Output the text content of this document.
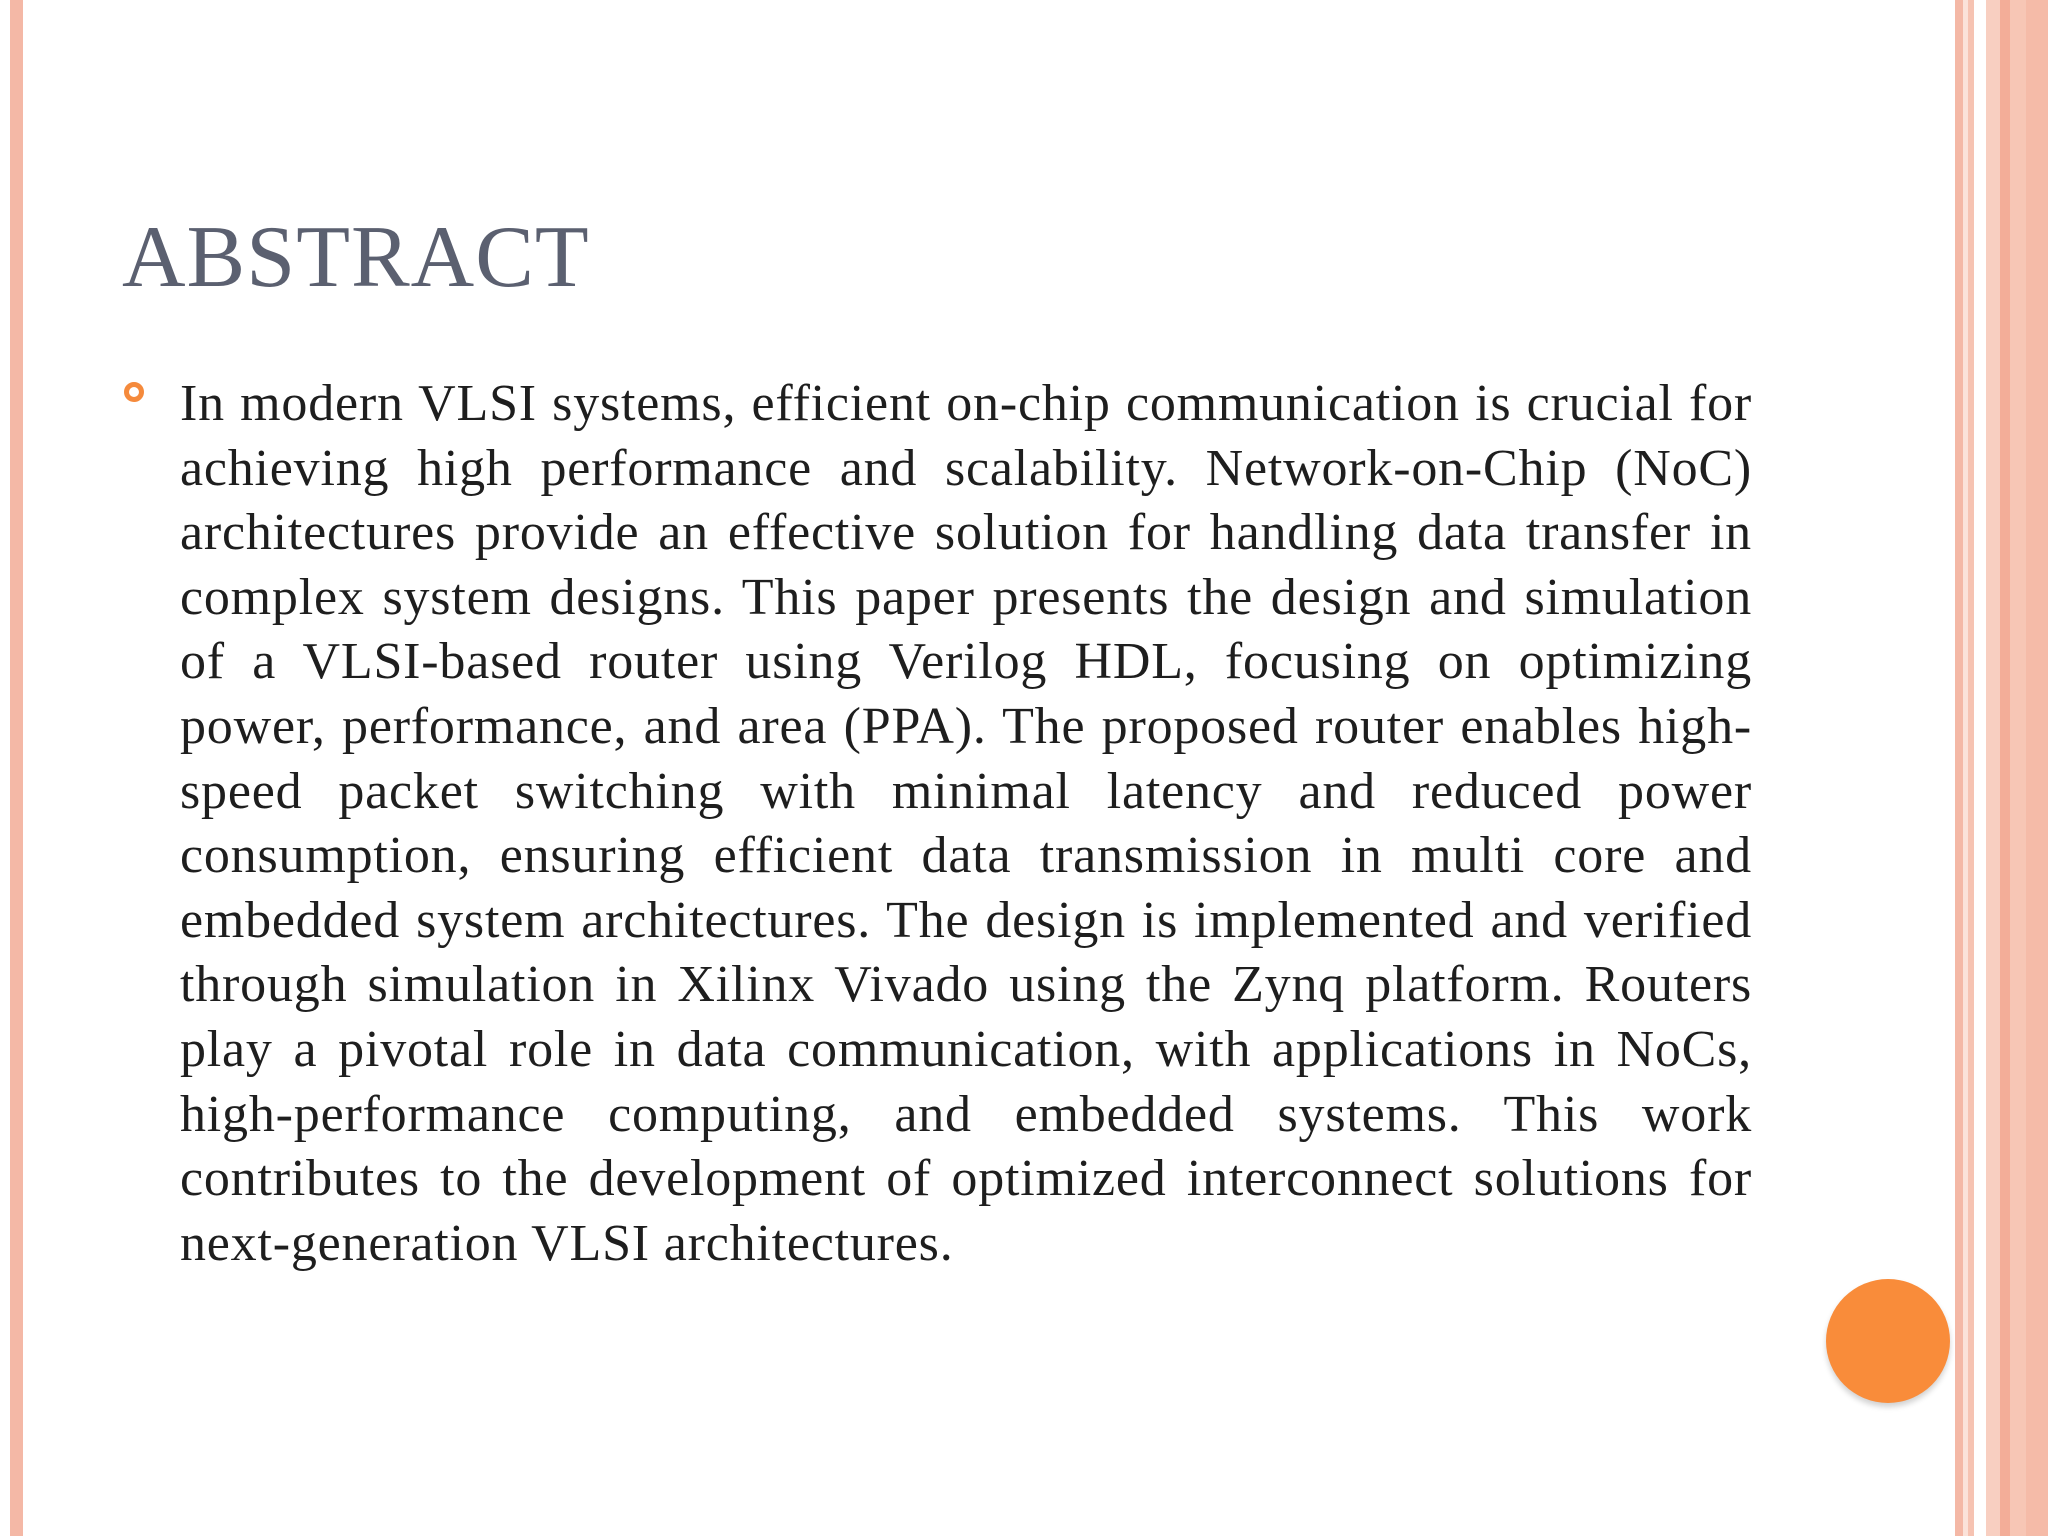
ABSTRACT

In modern VLSI systems, efficient on-chip communication is crucial for achieving high performance and scalability. Network-on-Chip (NoC) architectures provide an effective solution for handling data transfer in complex system designs. This paper presents the design and simulation of a VLSI-based router using Verilog HDL, focusing on optimizing power, performance, and area (PPA). The proposed router enables high-speed packet switching with minimal latency and reduced power consumption, ensuring efficient data transmission in multi core and embedded system architectures. The design is implemented and verified through simulation in Xilinx Vivado using the Zynq platform. Routers play a pivotal role in data communication, with applications in NoCs, high-performance computing, and embedded systems. This work contributes to the development of optimized interconnect solutions for next-generation VLSI architectures.
